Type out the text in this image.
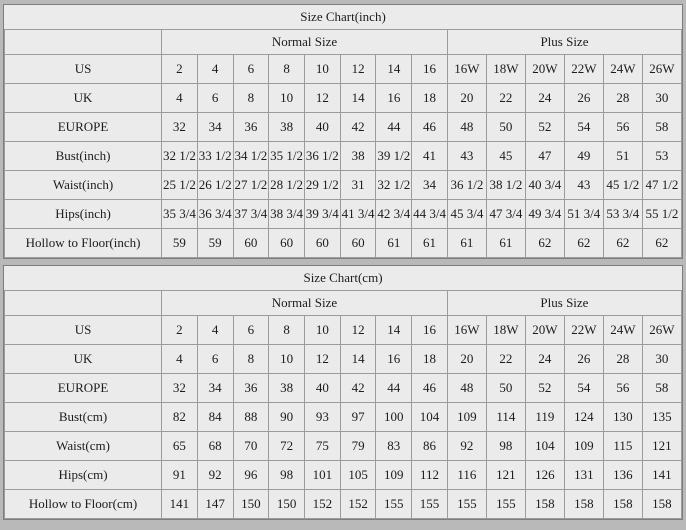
Size Chart(inch)														
	Normal Size								Plus Size					
US	2	4	6	8	10	12	14	16	16W	18W	20W	22W	24W	26W
UK	4	6	8	10	12	14	16	18	20	22	24	26	28	30
EUROPE	32	34	36	38	40	42	44	46	48	50	52	54	56	58
Bust(inch)	32 1/2	33 1/2	34 1/2	35 1/2	36 1/2	38	39 1/2	41	43	45	47	49	51	53
Waist(inch)	25 1/2	26 1/2	27 1/2	28 1/2	29 1/2	31	32 1/2	34	36 1/2	38 1/2	40 3/4	43	45 1/2	47 1/2
Hips(inch)	35 3/4	36 3/4	37 3/4	38 3/4	39 3/4	41 3/4	42 3/4	44 3/4	45 3/4	47 3/4	49 3/4	51 3/4	53 3/4	55 1/2
Hollow to Floor(inch)	59	59	60	60	60	60	61	61	61	61	62	62	62	62
Size Chart(cm)														
	Normal Size								Plus Size					
US	2	4	6	8	10	12	14	16	16W	18W	20W	22W	24W	26W
UK	4	6	8	10	12	14	16	18	20	22	24	26	28	30
EUROPE	32	34	36	38	40	42	44	46	48	50	52	54	56	58
Bust(cm)	82	84	88	90	93	97	100	104	109	114	119	124	130	135
Waist(cm)	65	68	70	72	75	79	83	86	92	98	104	109	115	121
Hips(cm)	91	92	96	98	101	105	109	112	116	121	126	131	136	141
Hollow to Floor(cm)	141	147	150	150	152	152	155	155	155	155	158	158	158	158
